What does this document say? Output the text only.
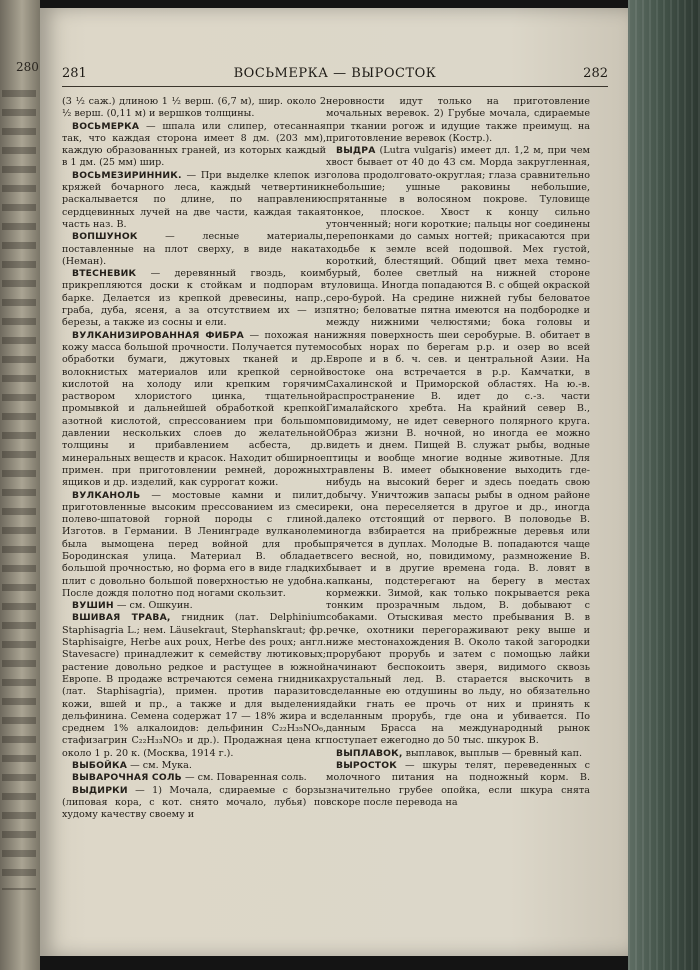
280 281	ВОСЬМЕРКА — ВЫРОСТОК	282

(3 ½ сaж.) длиною 1 ½ верш. (6,7 м), шир. около 2 ½ верш. (0,11 м) и вершков толщины.

ВОСЬМЕРКА — шпала или слипер, отесанная так, что каждая сторона имеет 8 дм. (203 мм), каждую образованных граней, из которых каждый в 1 дм. (25 мм) шир.

ВОСЬМЕЗИРИННИК. — При выделке клепок из кряжей бочарного леса, каждый четвертиник раскалывается по длине, по направлению сердцевинных лучей на две части, каждая такая часть наз. В.

ВОПШУНОК	— лесные материалы, поставленные на плот сверху, в виде наката (Неман).

ВТЕСНЕВИК — деревянный гвоздь, коим прикрепляются доски к стойкам и подпорам в барке. Делается из крепкой древесины, напр., граба, дуба, ясеня, а за отсутствием их — из березы, а также из сосны и ели.

ВУЛКАНИЗИРОВАННАЯ ФИБРА — похожая на кожу масса большой прочности. Получается путем обработки бумаги, джутовых тканей и др. волокнистых материалов или крепкой серной кислотой на холоду или крепким горячим раствором хлористого цинка, тщательной промывкой и дальнейшей обработкой крепкой азотной кислотой, спрессованием при большом давлении нескольких слоев до желательной толщины и прибавлением асбеста, др. минеральных веществ и красок. Находит обширное примен. при приготовлении ремней, дорожных ящиков и др. изделий, как суррогат кожи.

ВУЛКАНОЛЬ — мостовые камни и пилит, приготовленные высоким прессованием из смеси полево-шпатовой горной породы с глиной. Изготов. в Германии. В Ленинграде вулканолем была вымощена перед войной для пробы Бородинская улица. Материал В. обладает большой прочностью, но форма его в виде гладких плит с довольно большой поверхностью не удобна. После дождя полотно под ногами скользит.

ВУШИН — см. Ошкуин.

ВШИВАЯ ТРАВА, гнидник (лат. Delphinium Staphisagria L.; нем. Läusekraut, Stephanskraut; фр. Staphisaigre, Herbe aux poux, Herbe des poux; англ. Stavesacre) принадлежит к семейству лютиковых; растение довольно редкое и растущее в южной Европе. В продаже встречаются семена гнидника (лат. Staphisagria), примен. против паразитов кожи, вшей и пр., а также и для выделения дельфинина. Семена содержат 17 — 18% жира и в среднем 1% алкалоидов: дельфинин C₂₂H₃₅NO₆, стафизагрин C₂₂H₃₃NO₅ и др.). Продажная цена кг около 1 р. 20 к. (Москва, 1914 г.).

ВЫБОЙКА — см. Мука.

ВЫВАРОЧНАЯ СОЛЬ — см. Поваренная соль.

ВЫДИРКИ — 1) Мочала, сдираемые с борзы (липовая кора, с кот. снято мочало, лубья) по худому качеству своему и

неровности идут только на приготовление мочальных веревок. 2) Грубые мочала, сдираемые при ткании рогож и идущие также преимущ. на приготовление веревок (Костр.).

ВЫДРА (Lutra vulgaris) имеет дл. 1,2 м, при чем хвост бывает от 40 до 43 см. Морда закругленная, голова продолговато-округлая; глаза сравнительно небольшие; ушные раковины небольшие, спрятанные в волосяном покрове. Туловище тонкое, плоское. Хвост к концу сильно утонченный; ноги короткие; пальцы ног соединены перепонками до самых ногтей; прикасаются при ходьбе к земле всей подошвой. Мех густой, короткий, блестящий. Общий цвет меха темно-бурый, более светлый на нижней стороне туловища. Иногда попадаются В. с общей окраской серо-бурой. На средине нижней губы беловатое пятно; беловатые пятна имеются на подбородке и между нижними челюстями; бока головы и нижняя поверхность шеи серобурые. В. обитает в особых норах по берегам р.р. и озер во всей Европе и в б. ч. сев. и центральной Азии. На востоке она встречается в р.р. Камчатки, в Сахалинской и Приморской областях. На ю.-в. распространение В. идет до с.-з. части Гималайского хребта. На крайний север В., повидимому, не идет северного полярного круга. Образ жизни В. ночной, но иногда ее можно видеть и днем. Пищей В. служат рыбы, водные птицы и вообще многие водные животные. Для травлены В. имеет обыкновение выходить где-нибудь на высокий берег и здесь поедать свою добычу. Уничтожив запасы рыбы в одном районе реки, она переселяется в другое и др., иногда далеко отстоящий от первого. В половодье В. иногда взбирается на прибрежные деревья или прячется в дуплах. Молодые В. попадаются чаще всего весной, но, повидимому, размножение В. бывает и в другие времена года. В. ловят в капканы, подстерегают на берегу в местах кормежки. Зимой, как только покрывается река тонким прозрачным льдом, В. добывают с собаками. Отыскивая место пребывания В. в речке, охотники перегораживают реку выше и ниже местонахождения В. Около такой загородки прорубают прорубь и затем с помощью лайки начинают беспокоить зверя, видимого сквозь хрустальный лед. В. старается выскочить в сделанные ею отдушины во льду, но обязательно дайки гнать ее прочь от них и принять к сделанным прорубь, где она и убивается. По данным Брасса на международный рынок поступает ежегодно до 50 тыс. шкурок В.

ВЫПЛАВОК, выплавок, выплыв — бревный кап.

ВЫРОСТОК — шкуры телят, переведенных с молочного питания на подножный корм. В. значительно грубее опойка, если шкура снята вскоре после перевода на
